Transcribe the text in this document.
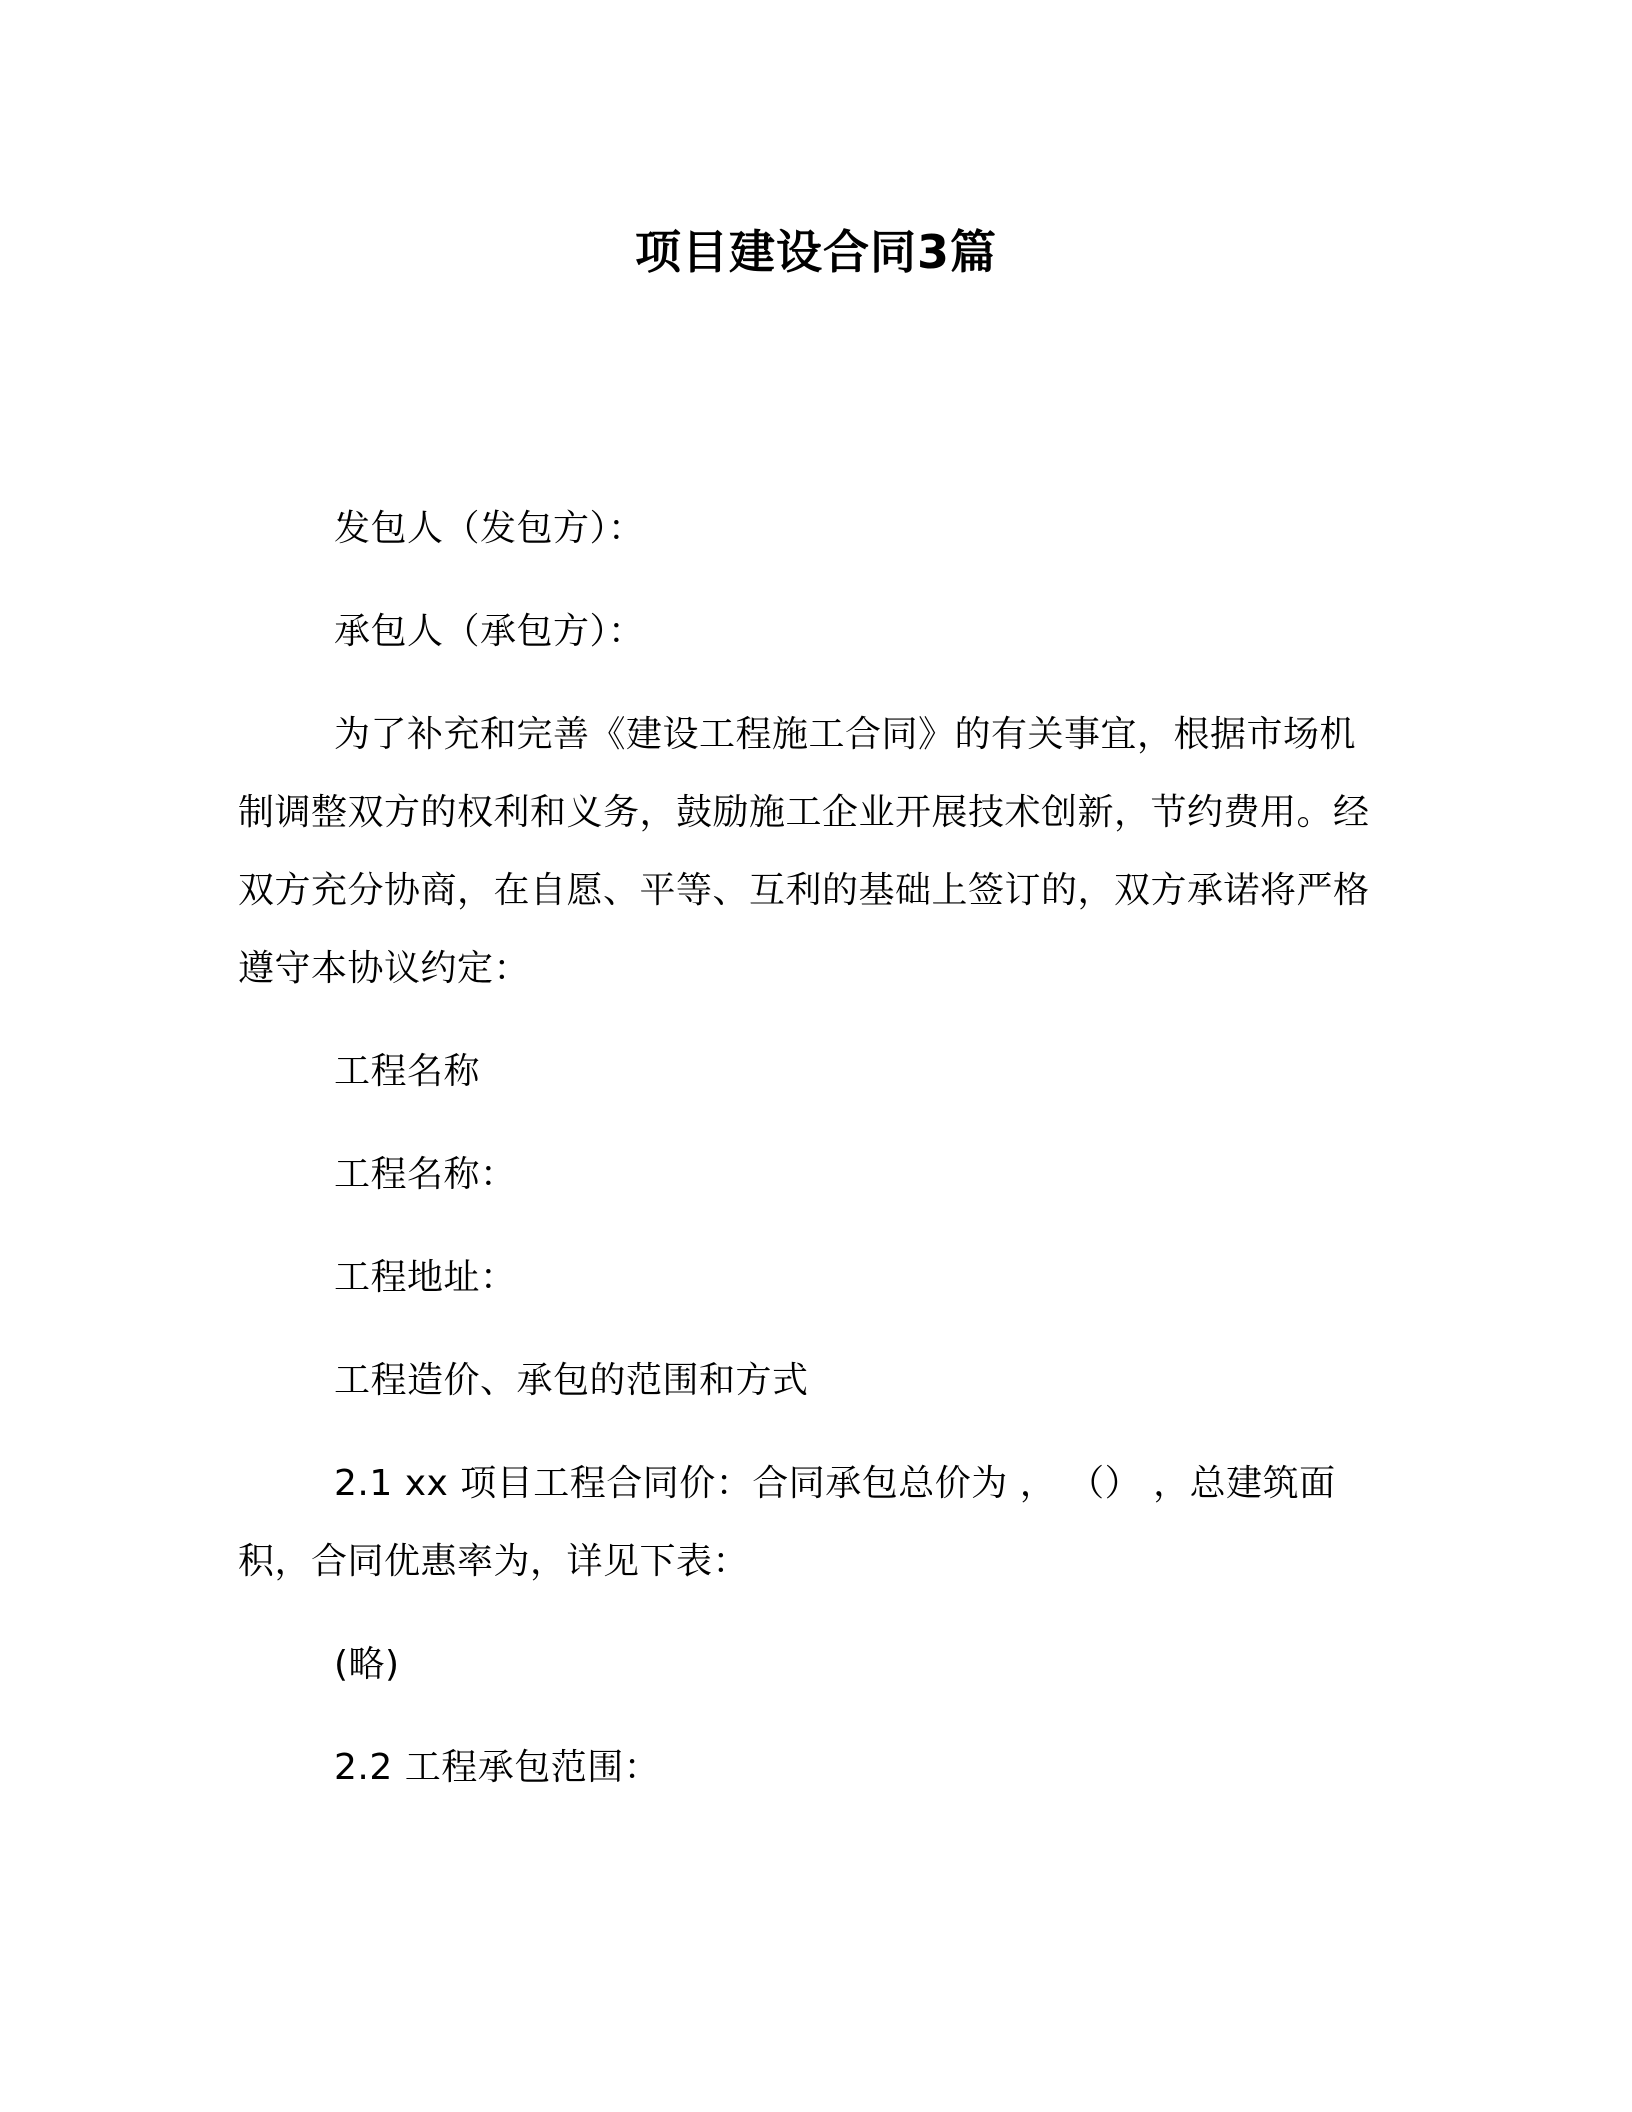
项目建设合同3篇

发包人（发包方）：

承包人（承包方）：

为了补充和完善《建设工程施工合同》的有关事宜，根据市场机制调整双方的权利和义务，鼓励施工企业开展技术创新，节约费用。经双方充分协商，在自愿、平等、互利的基础上签订的，双方承诺将严格遵守本协议约定：

工程名称

工程名称：

工程地址：

工程造价、承包的范围和方式

2.1 xx 项目工程合同价：合同承包总价为 ， （） ，总建筑面积，合同优惠率为，详见下表：

(略)

2.2 工程承包范围：
